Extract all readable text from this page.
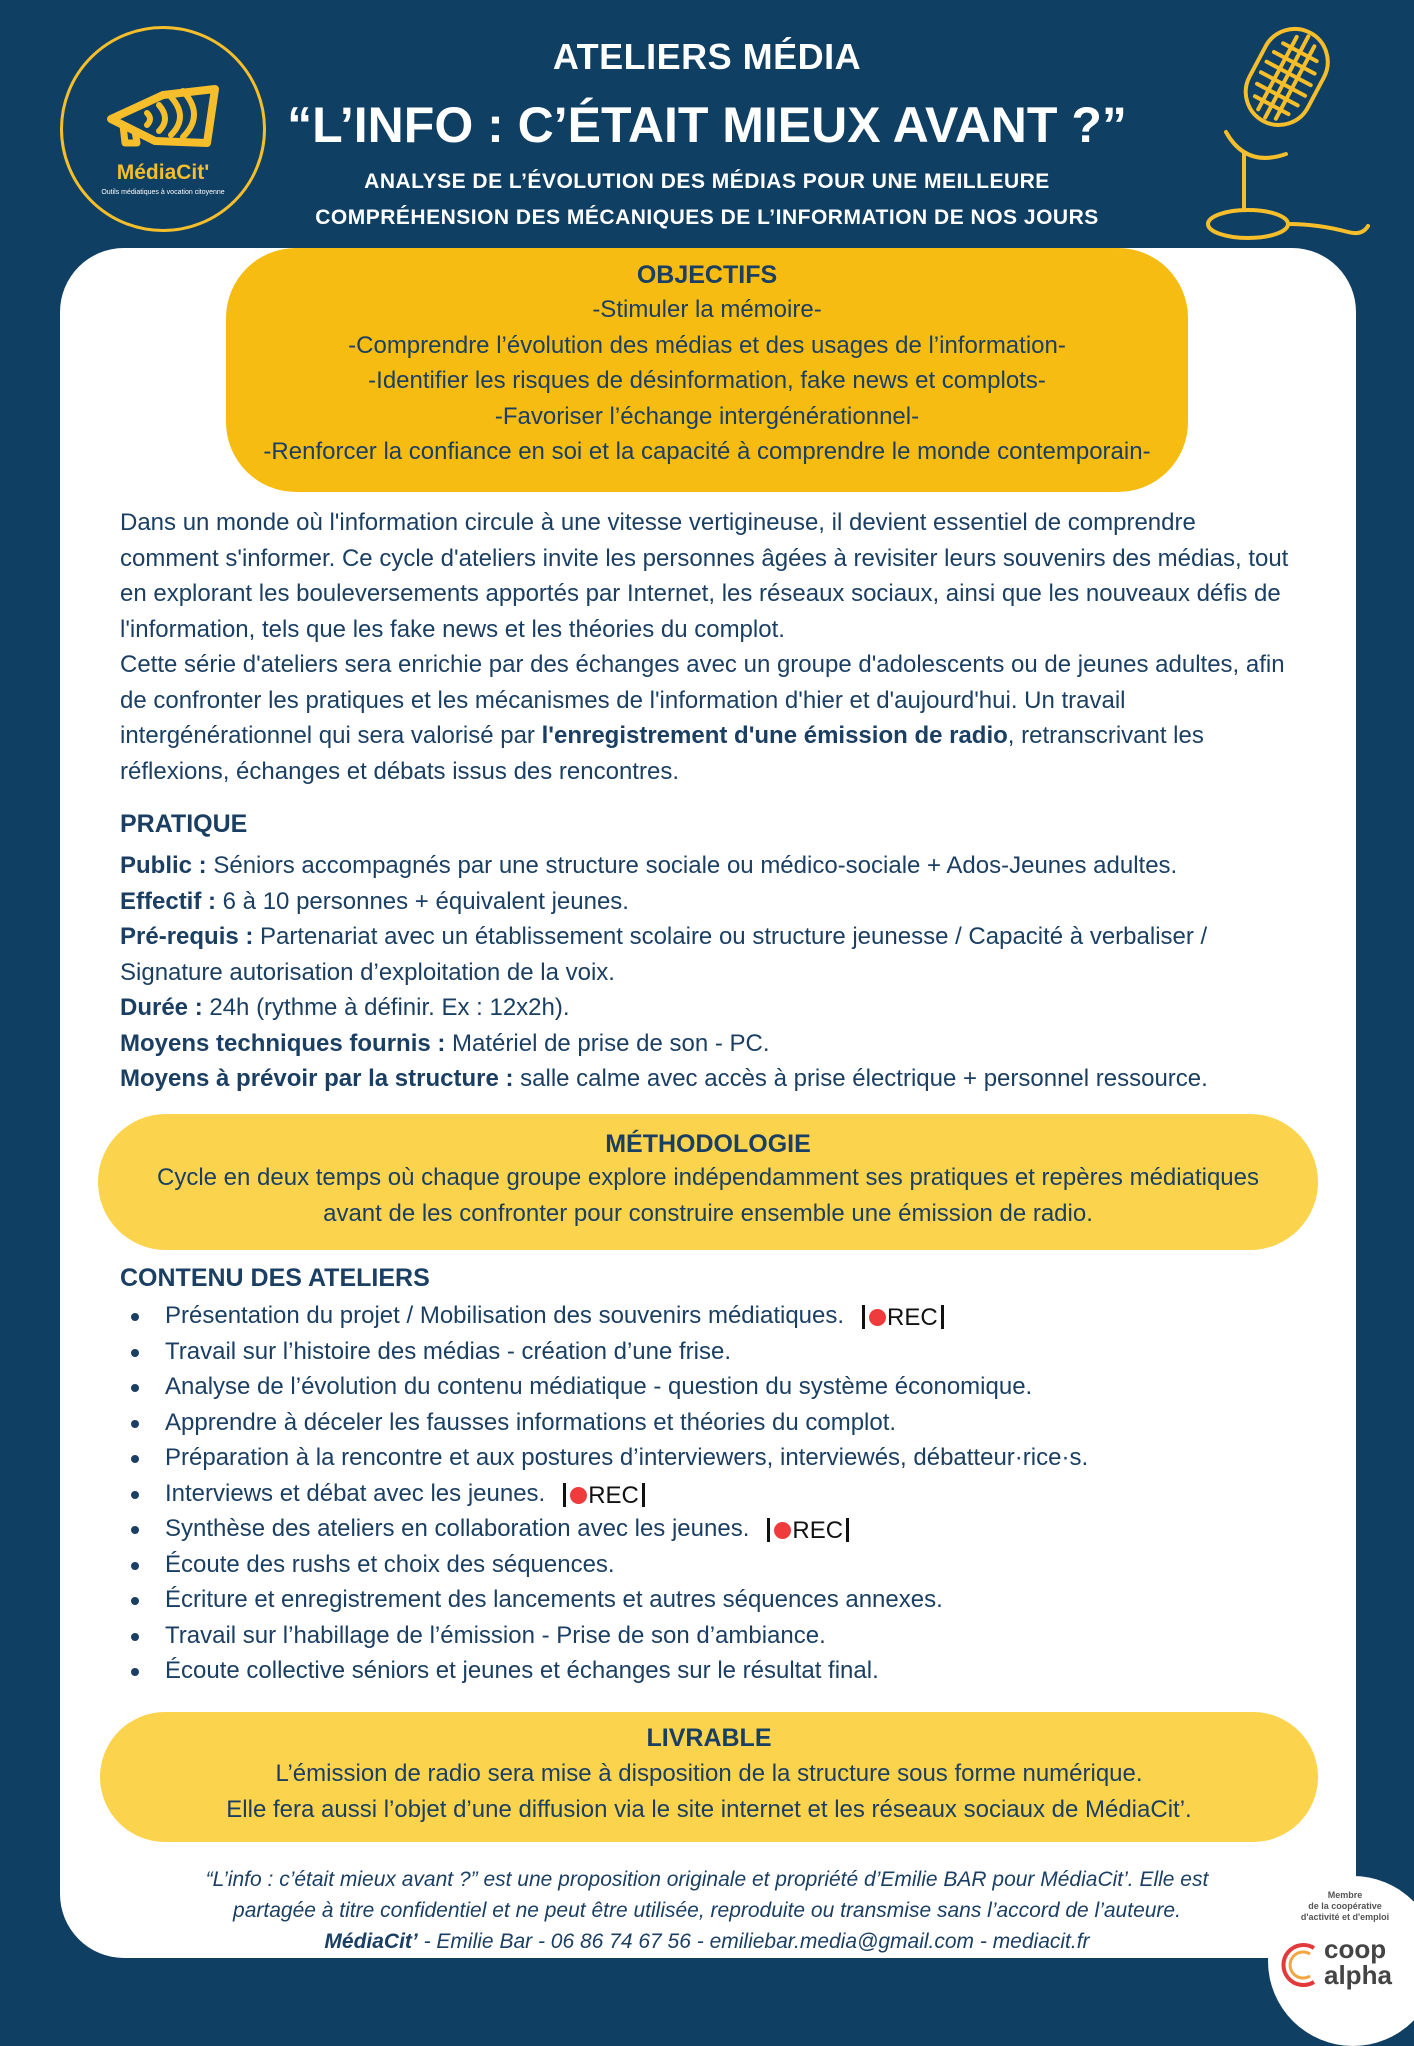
MédiaCit'
Outils médiatiques à vocation citoyenne
ATELIERS MÉDIA
“L’INFO : C’ÉTAIT MIEUX AVANT ?”
ANALYSE DE L’ÉVOLUTION DES MÉDIAS POUR UNE MEILLEURE
COMPRÉHENSION DES MÉCANIQUES DE L’INFORMATION DE NOS JOURS
OBJECTIFS

-Stimuler la mémoire-

-Comprendre l’évolution des médias et des usages de l’information-

-Identifier les risques de désinformation, fake news et complots-

-Favoriser l’échange intergénérationnel-

-Renforcer la confiance en soi et la capacité à comprendre le monde contemporain-

Dans un monde où l'information circule à une vitesse vertigineuse, il devient essentiel de comprendre comment s'informer. Ce cycle d'ateliers invite les personnes âgées à revisiter leurs souvenirs des médias, tout en explorant les bouleversements apportés par Internet, les réseaux sociaux, ainsi que les nouveaux défis de l'information, tels que les fake news et les théories du complot.

Cette série d'ateliers sera enrichie par des échanges avec un groupe d'adolescents ou de jeunes adultes, afin de confronter les pratiques et les mécanismes de l'information d'hier et d'aujourd'hui. Un travail intergénérationnel qui sera valorisé par l'enregistrement d'une émission de radio, retranscrivant les réflexions, échanges et débats issus des rencontres.

PRATIQUE
Public : Séniors accompagnés par une structure sociale ou médico-sociale + Ados-Jeunes adultes.
Effectif : 6 à 10 personnes + équivalent jeunes.
Pré-requis : Partenariat avec un établissement scolaire ou structure jeunesse / Capacité à verbaliser / Signature autorisation d’exploitation de la voix.
Durée : 24h (rythme à définir. Ex : 12x2h).
Moyens techniques fournis : Matériel de prise de son - PC.
Moyens à prévoir par la structure : salle calme avec accès à prise électrique + personnel ressource.
MÉTHODOLOGIE

Cycle en deux temps où chaque groupe explore indépendamment ses pratiques et repères médiatiques

avant de les confronter pour construire ensemble une émission de radio.

CONTENU DES ATELIERS
Présentation du projet / Mobilisation des souvenirs médiatiques. REC
Travail sur l’histoire des médias - création d’une frise.
Analyse de l’évolution du contenu médiatique - question du système économique.
Apprendre à déceler les fausses informations et théories du complot.
Préparation à la rencontre et aux postures d’interviewers, interviewés, débatteur·rice·s.
Interviews et débat avec les jeunes. REC
Synthèse des ateliers en collaboration avec les jeunes. REC
Écoute des rushs et choix des séquences.
Écriture et enregistrement des lancements et autres séquences annexes.
Travail sur l’habillage de l’émission - Prise de son d’ambiance.
Écoute collective séniors et jeunes et échanges sur le résultat final.
LIVRABLE

L’émission de radio sera mise à disposition de la structure sous forme numérique.

Elle fera aussi l’objet d’une diffusion via le site internet et les réseaux sociaux de MédiaCit’.

“L’info : c’était mieux avant ?” est une proposition originale et propriété d’Emilie BAR pour MédiaCit’. Elle est
partagée à titre confidentiel et ne peut être utilisée, reproduite ou transmise sans l’accord de l’auteure.
MédiaCit’ - Emilie Bar - 06 86 74 67 56 - emiliebar.media@gmail.com - mediacit.fr
Membre
de la coopérative
d'activité et d'emploi
coop
alpha
